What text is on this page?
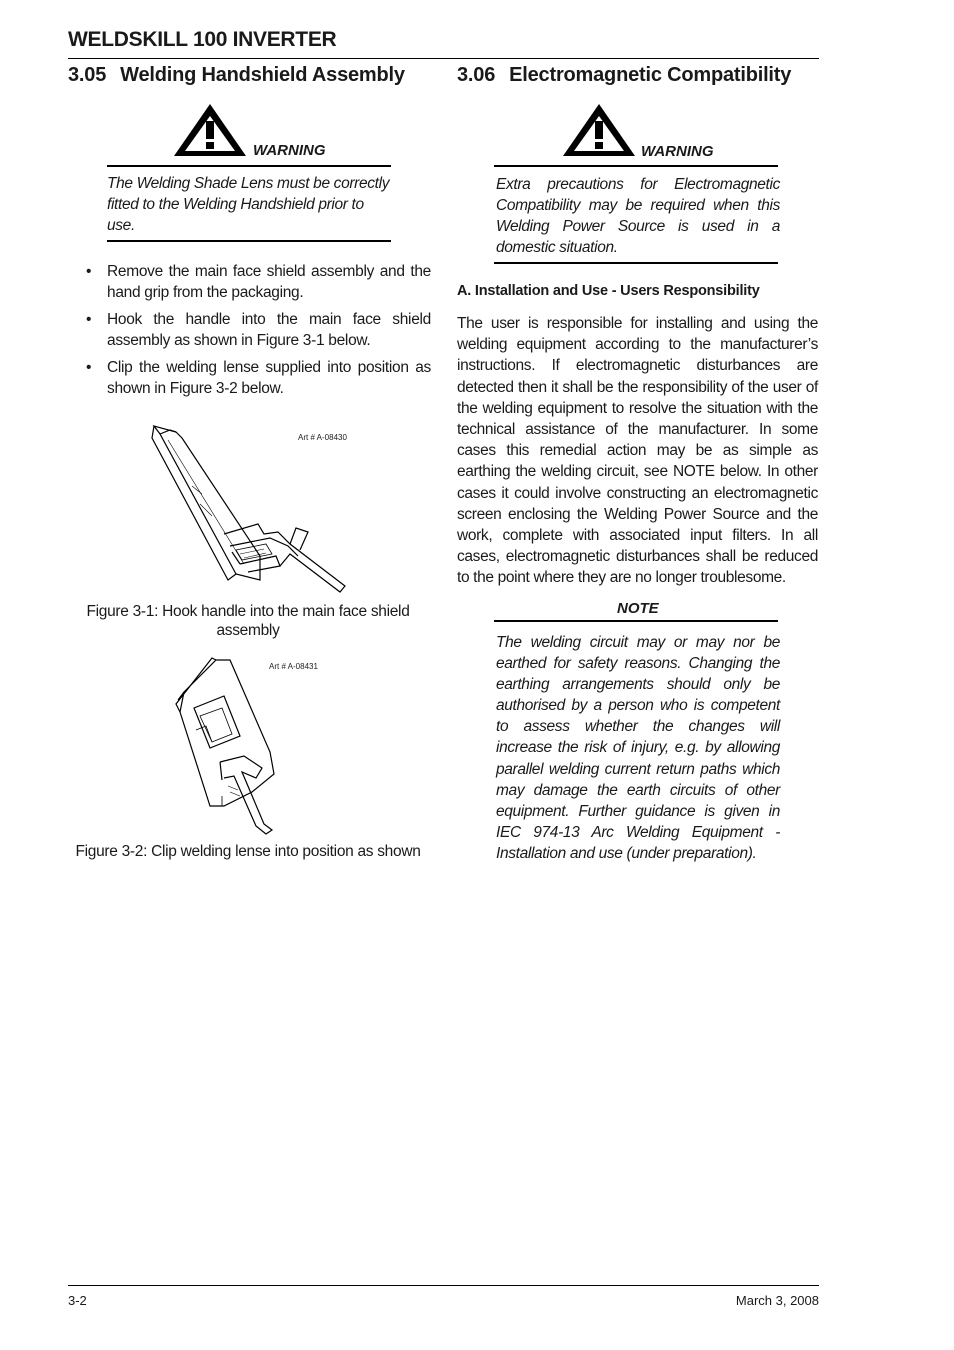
WELDSKILL 100 INVERTER
3.05 Welding Handshield Assembly	3.06 Electromagnetic Compatibility
WARNING
The Welding Shade Lens must be correctly fitted to the Welding Handshield prior to use.
• Remove the main face shield assembly and the hand grip from the packaging.
• Hook the handle into the main face shield assembly as shown in Figure 3-1 below.
• Clip the welding lense supplied into position as shown in Figure 3-2 below.
Art # A-08430
Figure 3-1: Hook handle into the main face shield assembly
Art # A-08431
Figure 3-2: Clip welding lense into position as shown
WARNING
Extra precautions for Electromagnetic Compatibility may be required when this Welding Power Source is used in a domestic situation.
A. Installation and Use - Users Responsibility
The user is responsible for installing and using the welding equipment according to the manufacturer’s instructions. If electromagnetic disturbances are detected then it shall be the responsibility of the user of the welding equipment to resolve the situation with the technical assistance of the manufacturer. In some cases this remedial action may be as simple as earthing the welding circuit, see NOTE below. In other cases it could involve constructing an electromagnetic screen enclosing the Welding Power Source and the work, complete with associated input filters. In all cases, electromagnetic disturbances shall be reduced to the point where they are no longer troublesome.
NOTE
The welding circuit may or may nor be earthed for safety reasons. Changing the earthing arrangements should only be authorised by a person who is competent to assess whether the changes will increase the risk of injury, e.g. by allowing parallel welding current return paths which may damage the earth circuits of other equipment. Further guidance is given in IEC 974-13 Arc Welding Equipment - Installation and use (under preparation).
3-2	March 3, 2008
